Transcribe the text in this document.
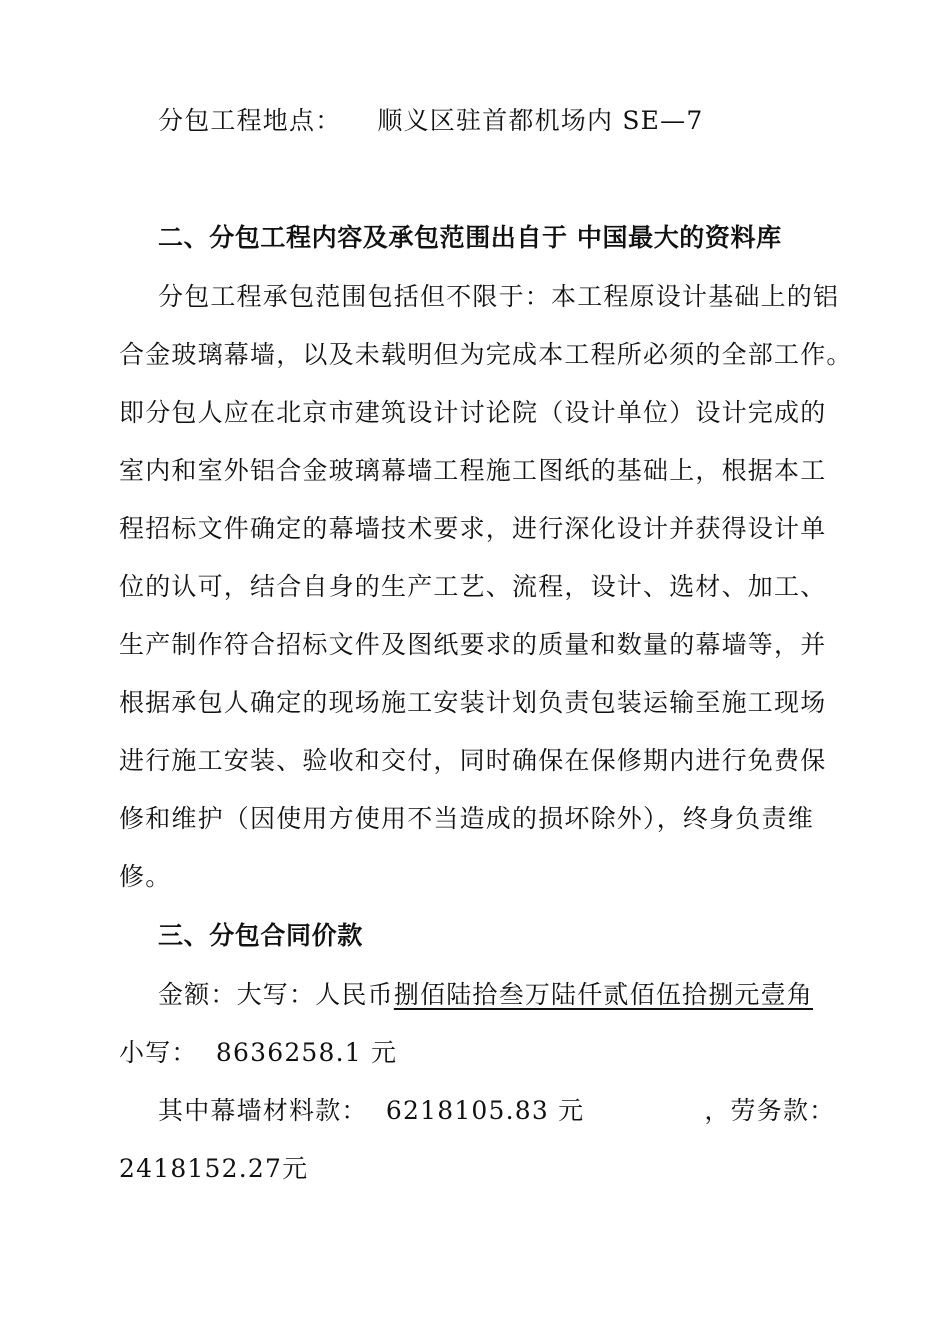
分包工程地点： 顺义区驻首都机场内 SE—7
二、分包工程内容及承包范围出自于 中国最大的资料库
分包工程承包范围包括但不限于：本工程原设计基础上的铝
合金玻璃幕墙，以及未载明但为完成本工程所必须的全部工作。
即分包人应在北京市建筑设计讨论院（设计单位）设计完成的
室内和室外铝合金玻璃幕墙工程施工图纸的基础上，根据本工
程招标文件确定的幕墙技术要求，进行深化设计并获得设计单
位的认可，结合自身的生产工艺、流程，设计、选材、加工、
生产制作符合招标文件及图纸要求的质量和数量的幕墙等，并
根据承包人确定的现场施工安装计划负责包装运输至施工现场
进行施工安装、验收和交付，同时确保在保修期内进行免费保
修和维护（因使用方使用不当造成的损坏除外），终身负责维
修。
三、分包合同价款
金额：大写：人民币捌佰陆拾叁万陆仟贰佰伍拾捌元壹角
小写： 8636258.1 元
其中幕墙材料款： 6218105.83 元	，劳务款：
2418152.27元
